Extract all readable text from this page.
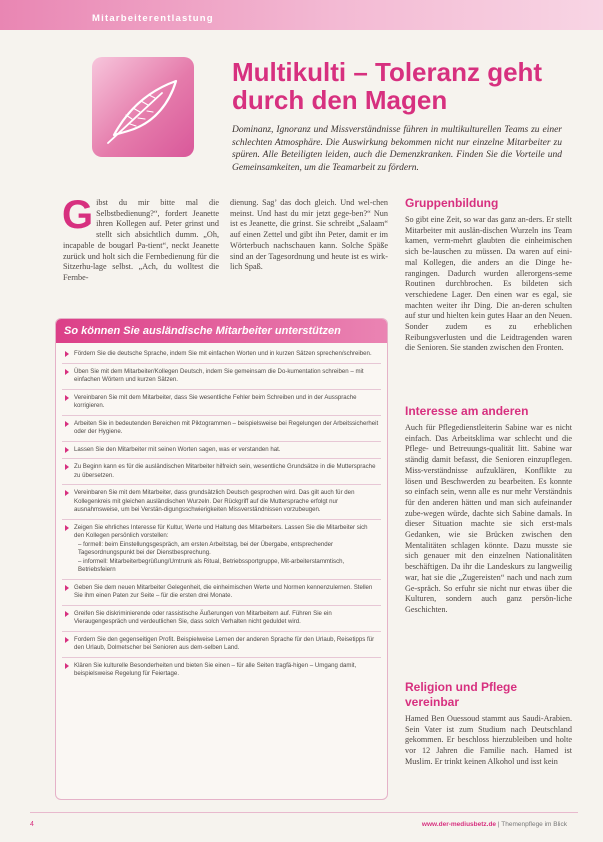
Mitarbeiterentlastung
Multikulti – Toleranz geht durch den Magen

Dominanz, Ignoranz und Missverständnisse führen in multikulturellen Teams zu einer schlechten Atmosphäre. Die Auswirkung bekommen nicht nur einzelne Mitarbeiter zu spüren. Alle Beteiligten leiden, auch die Demenzkranken. Finden Sie die Vorteile und Gemeinsamkeiten, um die Teamarbeit zu fördern.

G ibst du mir bitte mal die Selbstbedienung?“, fordert Jeanette ihren Kollegen auf. Peter grinst und stellt sich absichtlich dumm. „Oh, incapable de bougarl Pa-tient“, neckt Jeanette zurück und holt sich die Fernbedienung für die Sitzerhu-lage selbst. „Ach, du wolltest die Fernbe-
dienung. Sag’ das doch gleich. Und wel-chen meinst. Und hast du mir jetzt gege-ben?“ Nun ist es Jeanette, die grinst. Sie schreibt „Salaam“ auf einen Zettel und gibt ihn Peter, damit er im Wörterbuch nachschauen kann. Solche Späße sind an der Tagesordnung und heute ist es wirk-lich Spaß.
So können Sie ausländische Mitarbeiter unterstützen
Fördern Sie die deutsche Sprache, indem Sie mit einfachen Worten und in kurzen Sätzen sprechen/schreiben.
Üben Sie mit dem Mitarbeiter/Kollegen Deutsch, indem Sie gemeinsam die Do-kumentation schreiben – mit einfachen Wörtern und kurzen Sätzen.
Vereinbaren Sie mit dem Mitarbeiter, dass Sie wesentliche Fehler beim Schreiben und in der Aussprache korrigieren.
Arbeiten Sie in bedeutenden Bereichen mit Piktogrammen – beispielsweise bei Regelungen der Arbeitssicherheit oder der Hygiene.
Lassen Sie den Mitarbeiter mit seinen Worten sagen, was er verstanden hat.
Zu Beginn kann es für die ausländischen Mitarbeiter hilfreich sein, wesentliche Grundsätze in die Muttersprache zu übersetzen.
Vereinbaren Sie mit dem Mitarbeiter, dass grundsätzlich Deutsch gesprochen wird. Das gilt auch für den Kollegenkreis mit gleichen ausländischen Wurzeln. Der Rückgriff auf die Muttersprache erfolgt nur ausnahmsweise, um bei Verstän-digungsschwierigkeiten Missverständnissen vorzubeugen.
Zeigen Sie ehrliches Interesse für Kultur, Werte und Haltung des Mitarbeiters. Lassen Sie die Mitarbeiter sich den Kollegen persönlich vorstellen:
– formell: beim Einstellungsgespräch, am ersten Arbeitstag, bei der Übergabe, entsprechender Tagesordnungspunkt bei der Dienstbesprechung.
– informell: Mitarbeiterbegrüßung/Umtrunk als Ritual, Betriebssportgruppe, Mit-arbeiterstammtisch, Betriebsfeiern
Geben Sie dem neuen Mitarbeiter Gelegenheit, die einheimischen Werte und Normen kennenzulernen. Stellen Sie ihm einen Paten zur Seite – für die ersten drei Monate.
Greifen Sie diskriminierende oder rassistische Äußerungen von Mitarbeitern auf. Führen Sie ein Vieraugengespräch und verdeutlichen Sie, dass solch Verhalten nicht geduldet wird.
Fordern Sie den gegenseitigen Profit. Beispielweise Lernen der anderen Sprache für den Urlaub, Reisetipps für den Urlaub, Dolmetscher bei Senioren aus dem-selben Land.
Klären Sie kulturelle Besonderheiten und bieten Sie einen – für alle Seiten tragfä-higen – Umgang damit, beispielsweise Regelung für Feiertage.
Gruppenbildung

So gibt eine Zeit, so war das ganz an-ders. Er stellt Mitarbeiter mit auslän-dischen Wurzeln ins Team kamen, verm-mehrt glaubten die einheimischen sich be-lauschen zu müssen. Da waren auf eini-mal Kollegen, die anders an die Dinge he-rangingen. Dadurch wurden allerorgens-seme Routinen durchbrochen. Es bildeten sich verschiedene Lager. Den einen war es egal, sie machten weiter ihr Ding. Die an-deren schulten auf stur und hielten kein gutes Haar an den Neuen. Sonder zudem es zu erheblichen Reibungsverlusten und die Leidtragenden waren die Senioren. Sie standen zwischen den Fronten.

Interesse am anderen

Auch für Pflegedienstleiterin Sabine war es nicht einfach. Das Arbeitsklima war schlecht und die Pflege- und Betreuungs-qualität litt. Sabine war ständig damit befasst, die Senioren einzupflegen. Miss-verständnisse aufzuklären, Konflikte zu lösen und Beschwerden zu bearbeiten. Es konnte so einfach sein, wenn alle es nur mehr Verständnis für den anderen hätten und man sich aufeinander zube-wegen würde, dachte sich Sabine damals. In dieser Situation machte sie sich erst-mals Gedanken, wie sie Brücken zwischen den Mentalitäten schlagen könnte. Dazu musste sie sich genauer mit den einzelnen Nationalitäten beschäftigen. Da ihr die Landeskurs zu langweilig war, hat sie die „Zugereisten“ nach und nach zum Ge-spräch. So erfuhr sie nicht nur etwas über die Kulturen, sondern auch ganz persön-liche Geschichten.

Religion und Pflege vereinbar

Hamed Ben Ouessoud stammt aus Saudi-Arabien. Sein Vater ist zum Studium nach Deutschland gekommen. Er beschloss hierzubleiben und holte vor 12 Jahren die Familie nach. Hamed ist Muslim. Er trinkt keinen Alkohol und isst kein

4	www.der-mediusbetz.de | Themenpflege im Blick
